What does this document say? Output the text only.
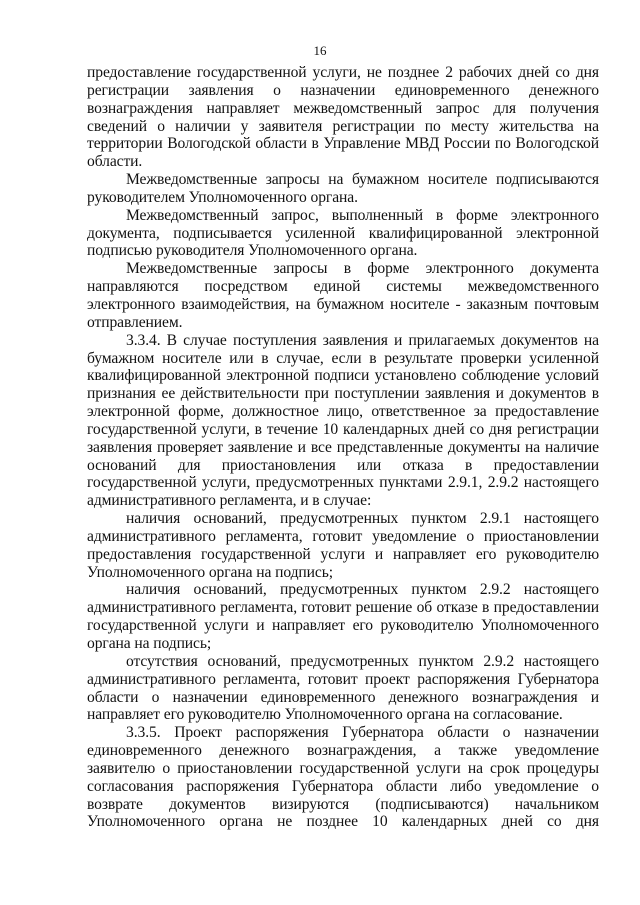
16
предоставление государственной услуги, не позднее 2 рабочих дней со дня
регистрации заявления о назначении единовременного денежного
вознаграждения направляет межведомственный запрос для получения
сведений о наличии у заявителя регистрации по месту жительства на
территории Вологодской области в Управление МВД России по Вологодской
области.
Межведомственные запросы на бумажном носителе подписываются
руководителем Уполномоченного органа.
Межведомственный запрос, выполненный в форме электронного
документа, подписывается усиленной квалифицированной электронной
подписью руководителя Уполномоченного органа.
Межведомственные запросы в форме электронного документа
направляются посредством единой системы межведомственного
электронного взаимодействия, на бумажном носителе - заказным почтовым
отправлением.
3.3.4. В случае поступления заявления и прилагаемых документов на
бумажном носителе или в случае, если в результате проверки усиленной
квалифицированной электронной подписи установлено соблюдение условий
признания ее действительности при поступлении заявления и документов в
электронной форме, должностное лицо, ответственное за предоставление
государственной услуги, в течение 10 календарных дней со дня регистрации
заявления проверяет заявление и все представленные документы на наличие
оснований для приостановления или отказа в предоставлении
государственной услуги, предусмотренных пунктами 2.9.1, 2.9.2 настоящего
административного регламента, и в случае:
наличия оснований, предусмотренных пунктом 2.9.1 настоящего
административного регламента, готовит уведомление о приостановлении
предоставления государственной услуги и направляет его руководителю
Уполномоченного органа на подпись;
наличия оснований, предусмотренных пунктом 2.9.2 настоящего
административного регламента, готовит решение об отказе в предоставлении
государственной услуги и направляет его руководителю Уполномоченного
органа на подпись;
отсутствия оснований, предусмотренных пунктом 2.9.2 настоящего
административного регламента, готовит проект распоряжения Губернатора
области о назначении единовременного денежного вознаграждения и
направляет его руководителю Уполномоченного органа на согласование.
3.3.5. Проект распоряжения Губернатора области о назначении
единовременного денежного вознаграждения, а также уведомление
заявителю о приостановлении государственной услуги на срок процедуры
согласования распоряжения Губернатора области либо уведомление о
возврате документов визируются (подписываются) начальником
Уполномоченного органа не позднее 10 календарных дней со дня
